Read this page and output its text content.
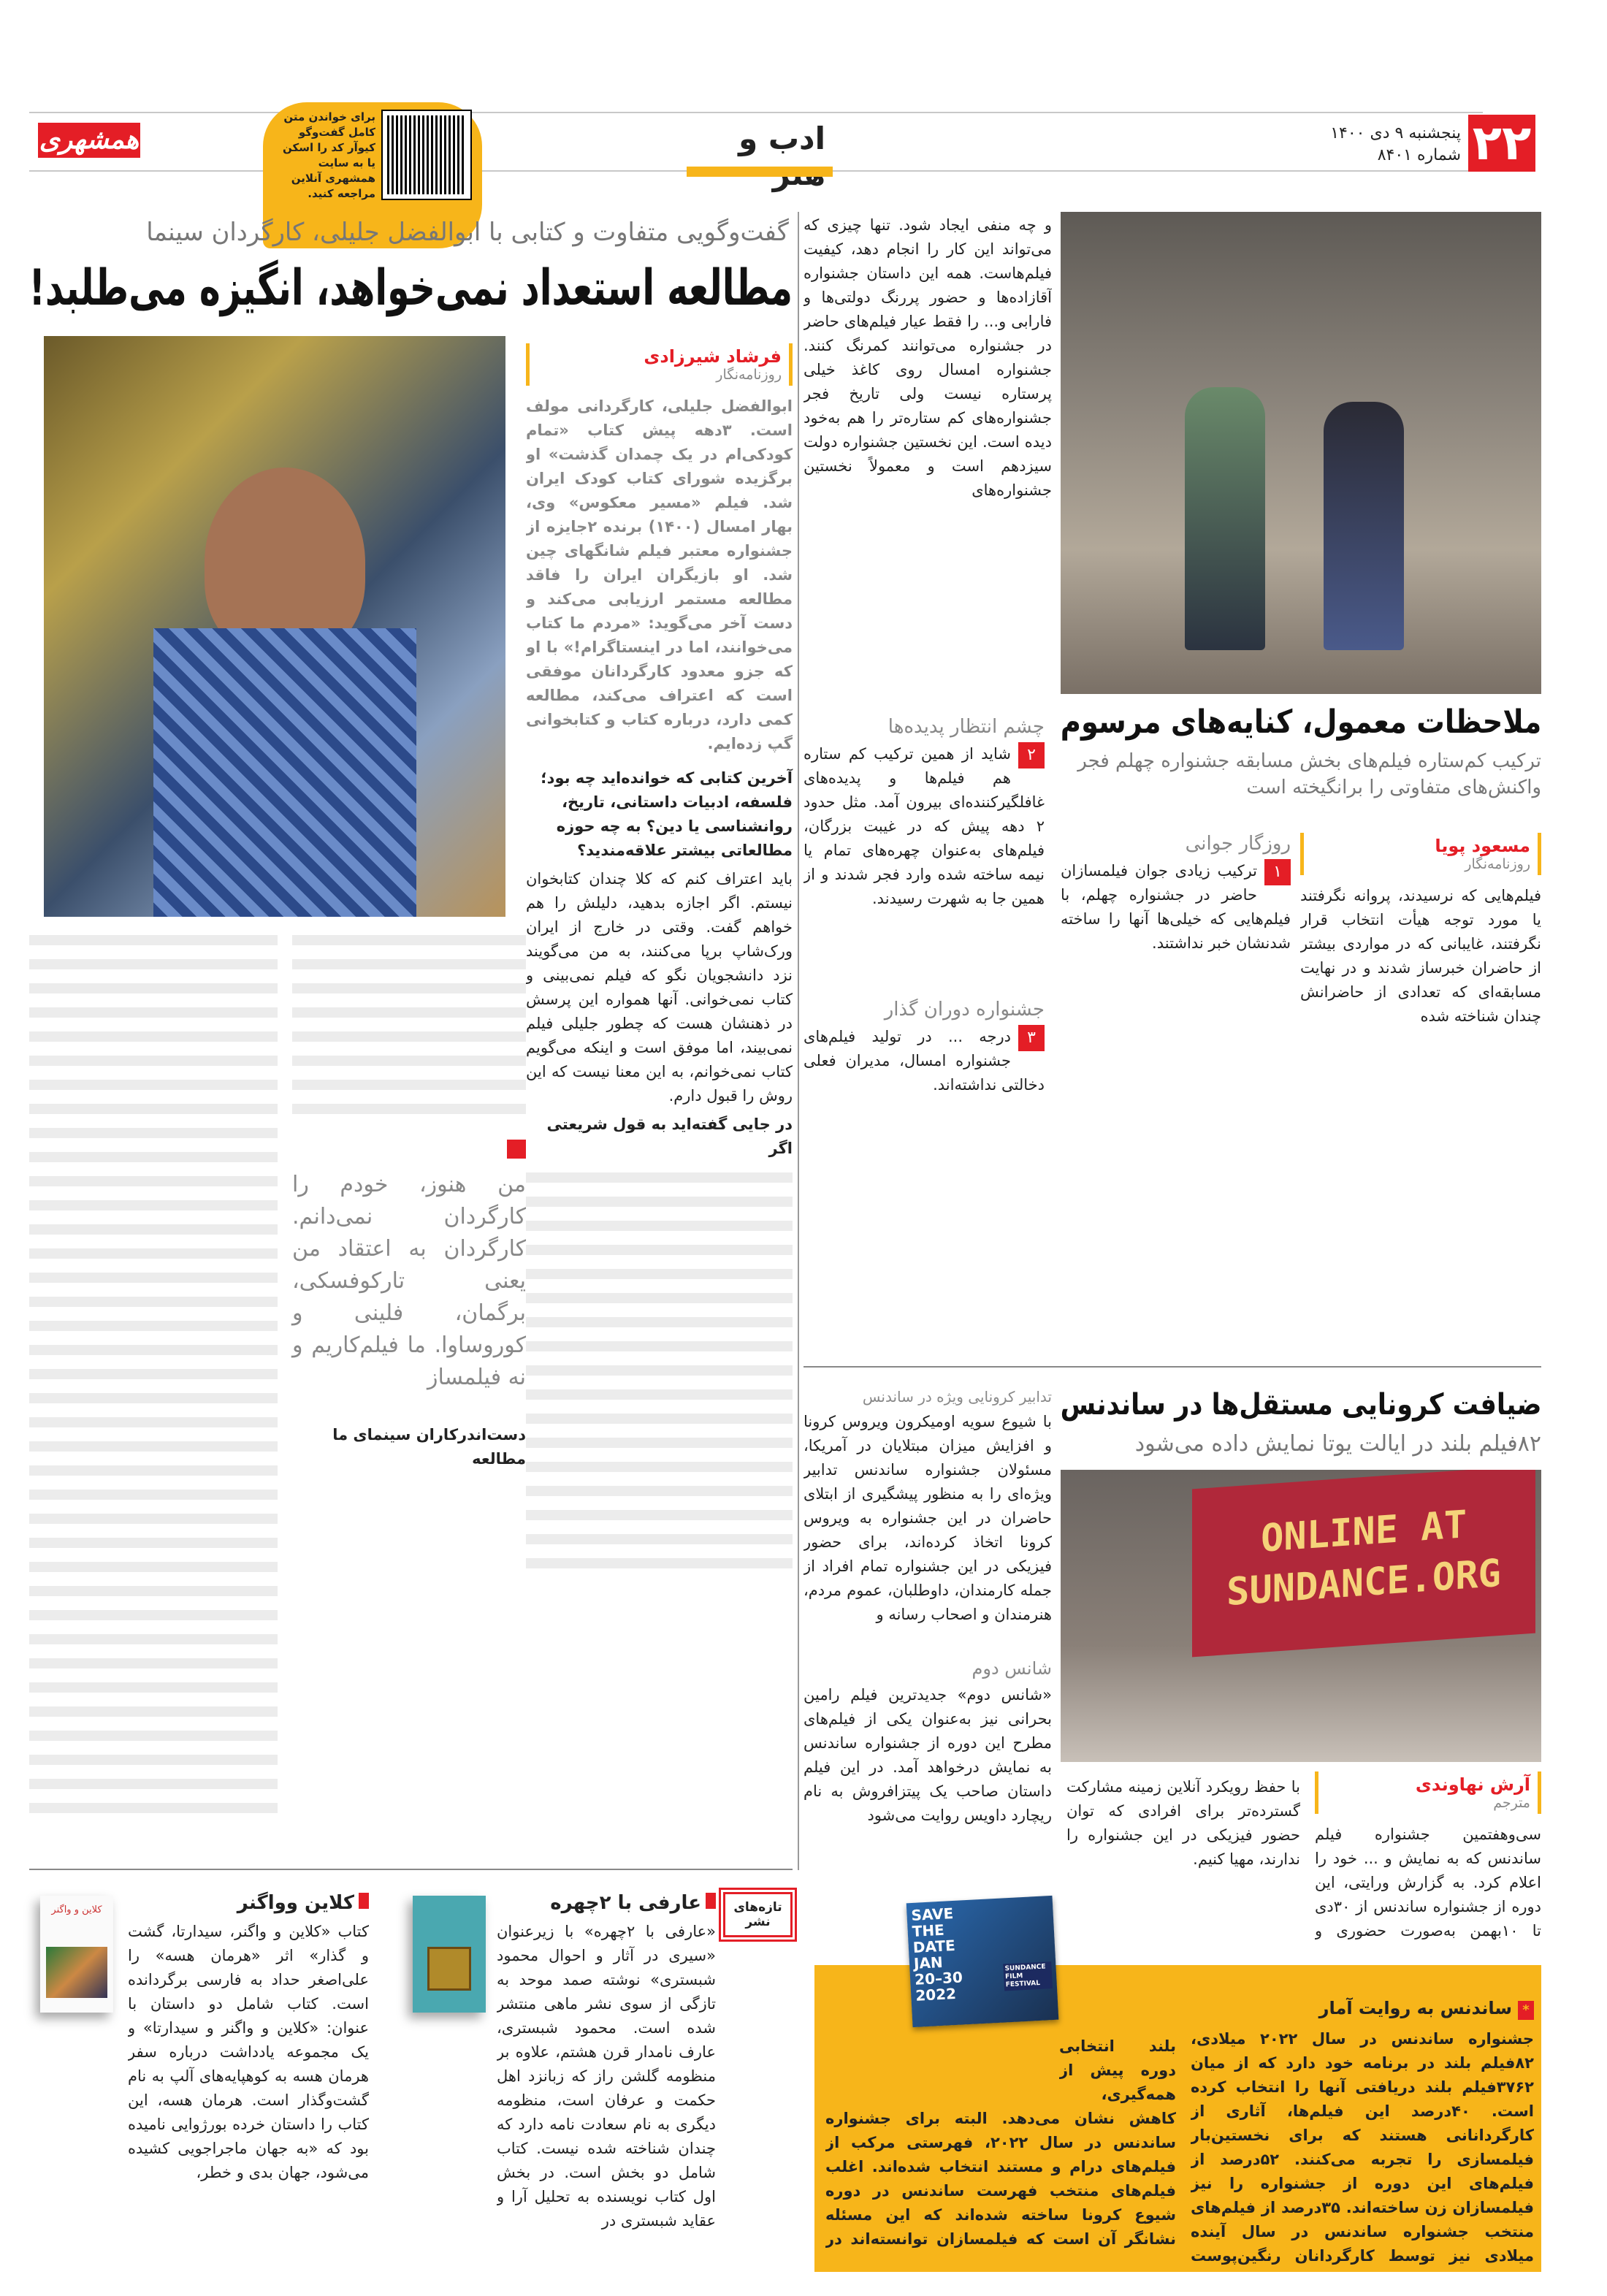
۲۲
پنجشنبه ۹ دی ۱۴۰۰
شماره ۸۴۰۱
ادب و
همشهری
برای خواندن متن کامل گفت‌وگو کیوآر کد را اسکن یا به سایت همشهری آنلاین مراجعه کنید.
گفت‌وگویی متفاوت و کتابی با ابوالفضل جلیلی، کارگردان سینما
مطالعه استعداد نمی‌خواهد، انگیزه می‌طلبد!
فرشاد شیرزادی
روزنامه‌نگار
ابوالفضل جلیلی، کارگردانی مولف است. ۳دهه پیش کتاب «تمام کودکی‌ام در یک چمدان گذشت» او برگزیده شورای کتاب کودک ایران شد. فیلم «مسیر معکوس» وی، بهار امسال (۱۴۰۰) برنده ۲جایزه از جشنواره معتبر فیلم شانگهای چین شد. او بازیگران ایران را فاقد مطالعه مستمر ارزیابی می‌کند و دست آخر می‌گوید: «مردم ما کتاب می‌خوانند، اما در اینستاگرام!» با او که جزو معدود کارگردانان موفقی است که اعتراف می‌کند، مطالعه کمی دارد، درباره کتاب و کتابخوانی گپ زده‌ایم.
آخرین کتابی که خوانده‌اید چه بود؛ فلسفه، ادبیات داستانی، تاریخ، روانشناسی یا دین؟ به چه حوزه مطالعاتی بیشتر علاقه‌مندید؟
باید اعتراف کنم که کلا چندان کتابخوان نیستم. اگر اجازه بدهید، دلیلش را هم خواهم گفت. وقتی در خارج از ایران ورک‌شاپ برپا می‌کنند، به من می‌گویند نزد دانشجویان نگو که فیلم نمی‌بینی و کتاب نمی‌خوانی. آنها همواره این پرسش در ذهنشان هست که چطور جلیلی فیلم نمی‌بیند، اما موفق است و اینکه می‌گویم کتاب نمی‌خوانم، به این معنا نیست که این روش را قبول دارم.
در جایی گفته‌اید به قول شریعتی اگر
من هنوز، خودم را کارگردان نمی‌دانم. کارگردان به اعتقاد من یعنی تارکوفسکی، برگمان، فلینی و کوروساوا. ما فیلم‌کاریم و نه فیلمساز
دست‌اندرکاران سینمای ما مطالعه
تازه‌های نشر
عارفی با ۲چهره
«عارفی با ۲چهره» با زیرعنوان «سیری در آثار و احوال محمود شبستری» نوشته صمد موحد به تازگی از سوی نشر ماهی منتشر شده است. محمود شبستری، عارف نامدار قرن هشتم، علاوه بر منظومه گلشن راز که زبانزد اهل حکمت و عرفان است، منظومه دیگری به نام سعادت نامه دارد که چندان شناخته شده نیست. کتاب شامل دو بخش است. در بخش اول کتاب نویسنده به تحلیل آرا و عقاید شبستری در
کلاین وواگنر
کتاب «کلاین و واگنر، سیدارتا، گشت و گذار» اثر «هرمان هسه» را علی‌اصغر حداد به فارسی برگردانده است. کتاب شامل دو داستان با عنوان: «کلاین و واگنر و سیدارتا» و یک مجموعه یادداشت درباره سفر هرمان هسه به کوهپایه‌های آلپ به نام گشت‌وگذار است. هرمان هسه، این کتاب را داستان خرده بورژوایی نامیده بود که «به جهان ماجراجویی کشیده می‌شود، جهان بدی و خطر،
کلاین و واگنر
و چه منفی ایجاد شود. تنها چیزی که می‌تواند این کار را انجام دهد، کیفیت فیلم‌هاست. همه این داستان جشنواره آقازاده‌ها و حضور پررنگ دولتی‌ها و فارابی و... را فقط عیار فیلم‌های حاضر در جشنواره می‌توانند کمرنگ کنند. جشنواره امسال روی کاغذ خیلی پرستاره نیست ولی تاریخ فجر جشنواره‌های کم ستاره‌تر را هم به‌خود دیده است. این نخستین جشنواره دولت سیزدهم است و معمولاً نخستین جشنواره‌های
ملاحظات معمول، کنایه‌های مرسوم
ترکیب کم‌ستاره فیلم‌های بخش مسابقه جشنواره چهلم فجر واکنش‌های متفاوتی را برانگیخته است
مسعود پویا
روزنامه‌نگار
فیلم‌هایی که نرسیدند، پروانه نگرفتند یا مورد توجه هیأت انتخاب قرار نگرفتند، غایبانی که در مواردی بیشتر از حاضران خبرساز شدند و در نهایت مسابقه‌ای که تعدادی از حاضرانش چندان شناخته شده
روزگار جوانی
۱
ترکیب زیادی جوان فیلمسازان حاضر در جشنواره چهلم، با فیلم‌هایی که خیلی‌ها آنها را ساخته شدنشان خبر نداشتند.
چشم انتظار پدیده‌ها
۲
شاید از همین ترکیب کم ستاره هم فیلم‌ها و پدیده‌های غافلگیرکننده‌ای بیرون آمد. مثل حدود ۲ دهه پیش که در غیبت بزرگان، فیلم‌های به‌عنوان چهره‌های تمام یا نیمه ساخته شده وارد فجر شدند و از همین جا به شهرت رسیدند.
جشنواره دوران گذار
۳
درجه ... در تولید فیلم‌های جشنواره امسال، مدیران فعلی دخالتی نداشته‌اند.
ضیافت کرونایی مستقل‌ها در ساندنس
۸۲فیلم بلند در ایالت یوتا نمایش داده می‌شود
ONLINE AT SUNDANCE.ORG
تدابیر کرونایی ویژه در ساندنس
با شیوع سویه اومیکرون ویروس کرونا و افزایش میزان مبتلایان در آمریکا، مسئولان جشنواره ساندنس تدابیر ویژه‌ای را به منظور پیشگیری از ابتلای حاضران در این جشنواره به ویروس کرونا اتخاذ کرده‌اند، برای حضور فیزیکی در این جشنواره تمام افراد از جمله کارمندان، داوطلبان، عموم مردم، هنرمندان و اصحاب رسانه و
شانس دوم
«شانس دوم» جدیدترین فیلم رامین بحرانی نیز به‌عنوان یکی از فیلم‌های مطرح این دوره از جشنواره ساندنس به نمایش درخواهد آمد. در این فیلم داستان صاحب یک پیتزافروش به نام ریچارد داویس روایت می‌شود
آرش نهاوندی
مترجم
سی‌وهفتمین جشنواره فیلم ساندنس که به نمایش و ... خود را اعلام کرد. به گزارش ورایتی، این دوره از جشنواره ساندنس از ۳۰دی تا ۱۰بهمن به‌صورت حضوری و
با حفظ رویکرد آنلاین زمینه مشارکت گسترده‌تر برای افرادی که توان حضور فیزیکی در این جشنواره را ندارند، مهیا کنیم.
SAVE
THE
DATE
JAN
20–30
2022
SUNDANCE FILM FESTIVAL
*ساندنس به روایت آمار
جشنواره ساندنس در سال ۲۰۲۲ میلادی، ۸۲فیلم بلند در برنامه خود دارد که از میان ۳۷۶۲فیلم بلند دریافتی آنها را انتخاب کرده است. ۴۰درصد این فیلم‌ها، آثاری از کارگردانانی هستند که برای نخستین‌بار فیلمسازی را تجربه می‌کنند. ۵۲درصد از فیلم‌های این دوره از جشنواره را نیز فیلمسازان زن ساخته‌اند. ۳۵درصد از فیلم‌های منتخب جشنواره ساندنس در سال آینده میلادی نیز توسط کارگردانان رنگین‌پوست
بلند انتخابی دوره پیش از همه‌گیری،
کاهش نشان می‌دهد. البته برای جشنواره ساندنس در سال ۲۰۲۲، فهرستی مرکب از فیلم‌های درام و مستند انتخاب شده‌اند. اغلب فیلم‌های منتخب فهرست ساندنس در دوره شیوع کرونا ساخته شده‌اند که این مسئله نشانگر آن است که فیلمسازان توانسته‌اند در
